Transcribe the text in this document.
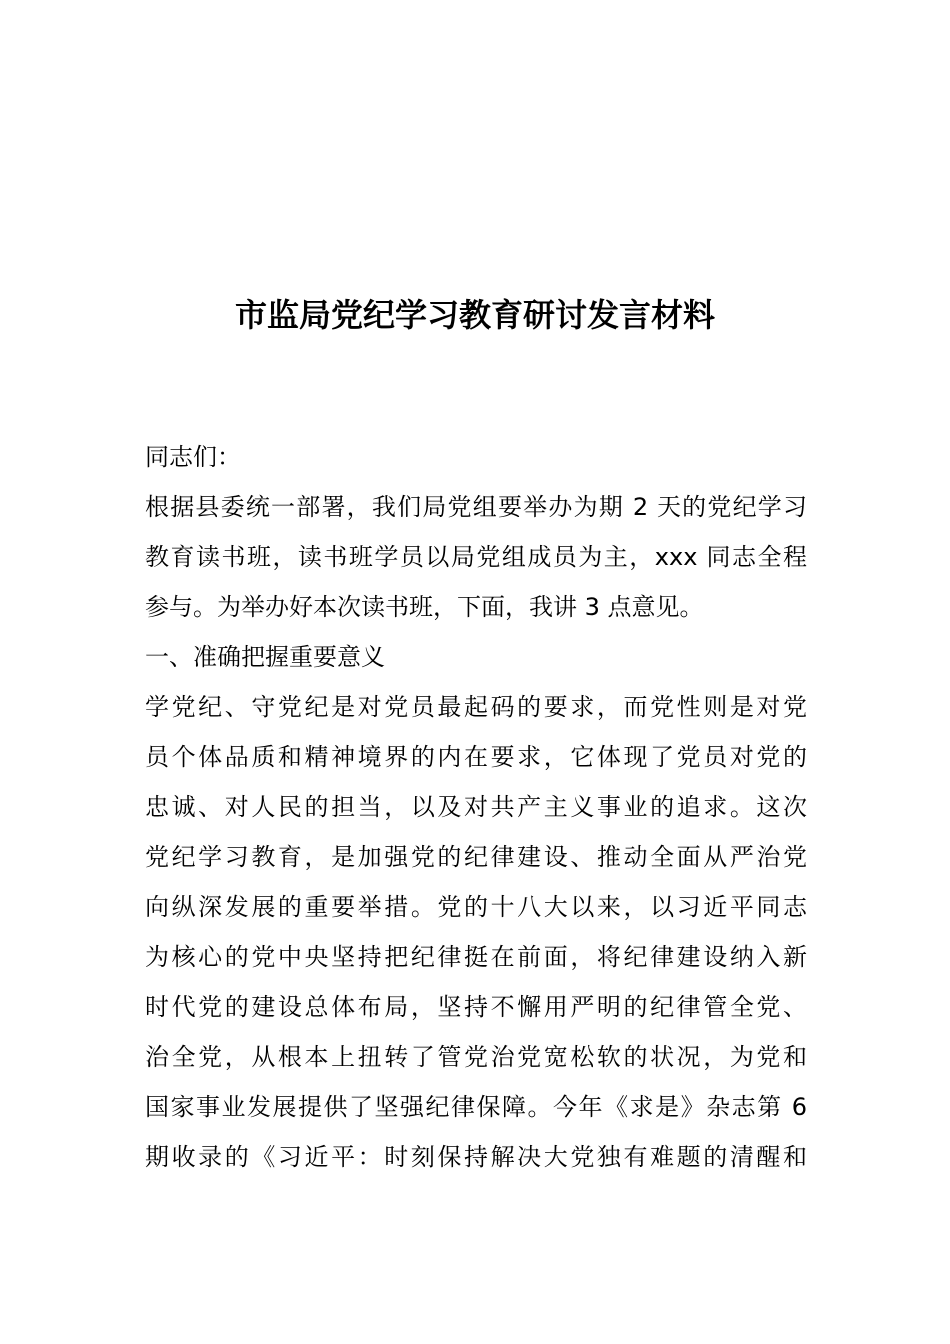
市监局党纪学习教育研讨发言材料
同志们：
根据县委统一部署，我们局党组要举办为期 2 天的党纪学习
教育读书班，读书班学员以局党组成员为主，xxx 同志全程
参与。为举办好本次读书班，下面，我讲 3 点意见。
一、准确把握重要意义
学党纪、守党纪是对党员最起码的要求，而党性则是对党
员个体品质和精神境界的内在要求，它体现了党员对党的
忠诚、对人民的担当，以及对共产主义事业的追求。这次
党纪学习教育，是加强党的纪律建设、推动全面从严治党
向纵深发展的重要举措。党的十八大以来，以习近平同志
为核心的党中央坚持把纪律挺在前面，将纪律建设纳入新
时代党的建设总体布局，坚持不懈用严明的纪律管全党、
治全党，从根本上扭转了管党治党宽松软的状况，为党和
国家事业发展提供了坚强纪律保障。今年《求是》杂志第 6
期收录的《习近平：时刻保持解决大党独有难题的清醒和
